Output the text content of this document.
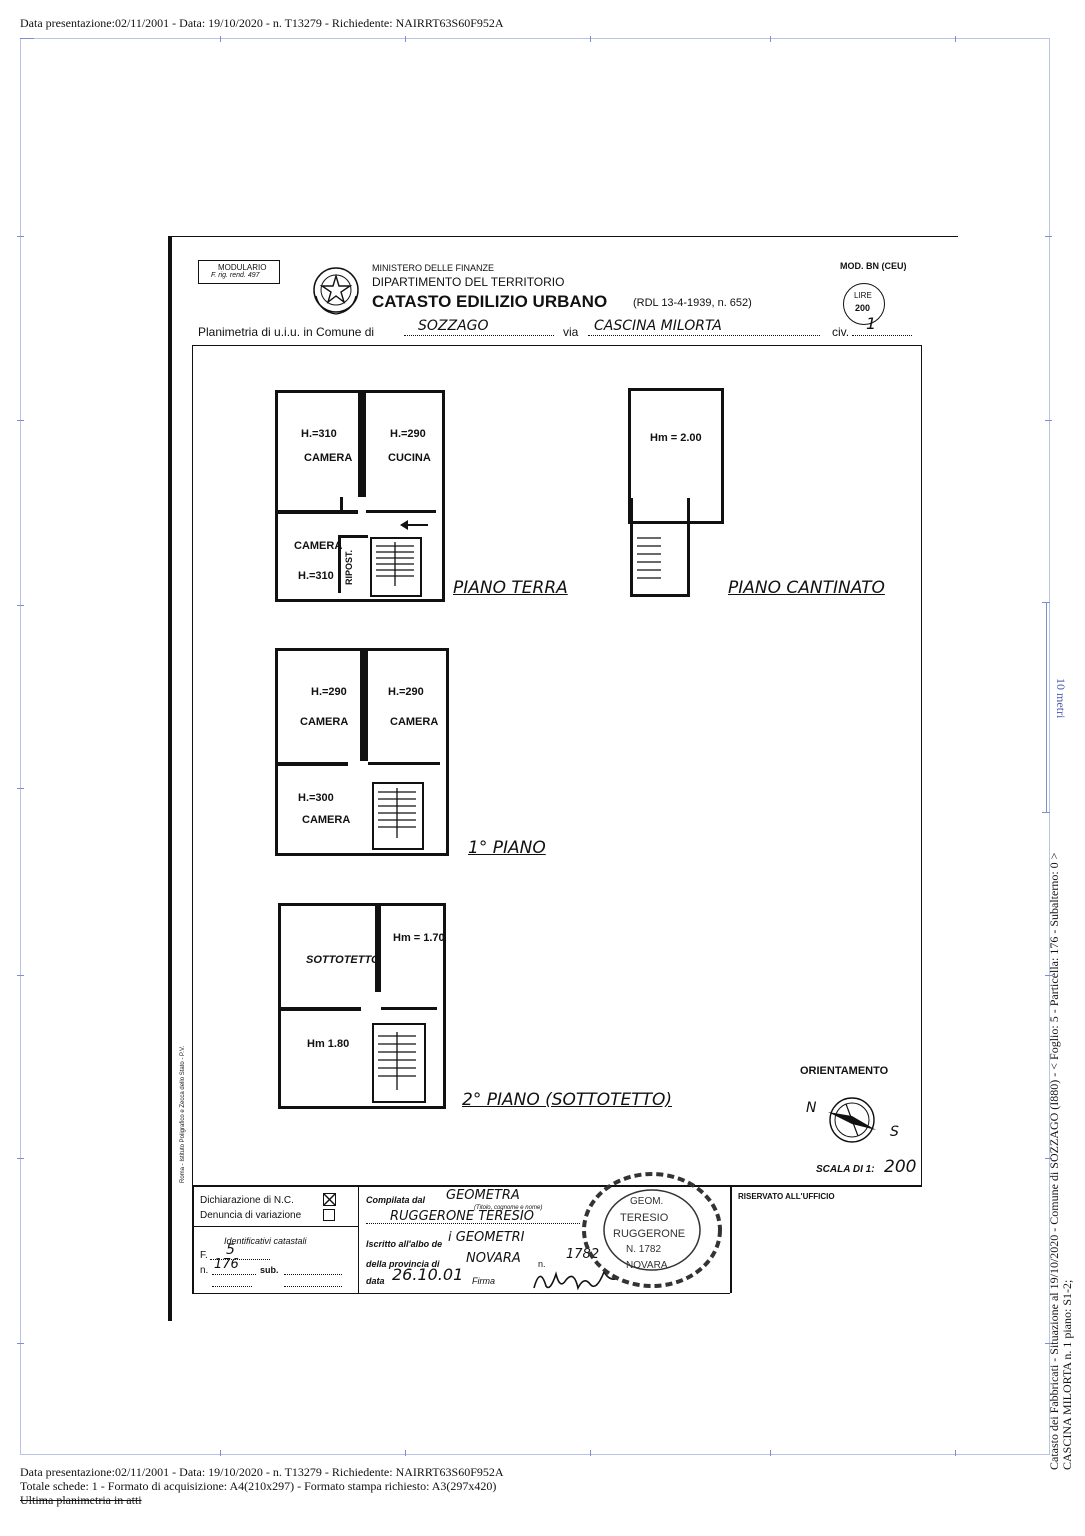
Data presentazione:02/11/2001 - Data: 19/10/2020 - n. T13279 - Richiedente: NAIRRT63S60F952A
10 metri
MODULARIO
F. rig. rend. 497
MINISTERO DELLE FINANZE
DIPARTIMENTO DEL TERRITORIO
CATASTO EDILIZIO URBANO (RDL 13-4-1939, n. 652)
MOD. BN (CEU)
LIRE
200
Planimetria di u.i.u. in Comune di	SOZZAGO	via CASCINA MILORTA	civ. 1
H.=310
CAMERA
H.=290
CUCINA
CAMERA
H.=310 RIPOST.
PIANO TERRA
Hm = 2.00
PIANO CANTINATO
H.=290
CAMERA
H.=290
CAMERA
H.=300
CAMERA
1° PIANO
SOTTOTETTO
Hm = 1.70
Hm 1.80
2° PIANO (SOTTOTETTO)
ORIENTAMENTO
N
S
SCALA DI 1: 200
Roma - Istituto Poligrafico e Zecca dello Stato - P.V.
Dichiarazione di N.C.
Denuncia di variazione
Identificativi catastali
F. 5
n. 176 sub.
Compilata dal GEOMETRA
(Titolo, cognome e nome)
RUGGERONE TERESIO
Iscritto all'albo de i GEOMETRI
della provincia di NOVARA n.
1782
data 26.10.01 Firma
GEOM.
TERESIO
RUGGERONE
N. 1782
NOVARA
RISERVATO ALL'UFFICIO	Catasto dei Fabbricati - Situazione al 19/10/2020 - Comune di SOZZAGO (I880) - < Foglio: 5 - Particella: 176 - Subalterno: 0 > CASCINA MILORTA n. 1 piano: S1-2;
Data presentazione:02/11/2001 - Data: 19/10/2020 - n. T13279 - Richiedente: NAIRRT63S60F952A
Totale schede: 1 - Formato di acquisizione: A4(210x297) - Formato stampa richiesto: A3(297x420)
Ultima planimetria in atti
